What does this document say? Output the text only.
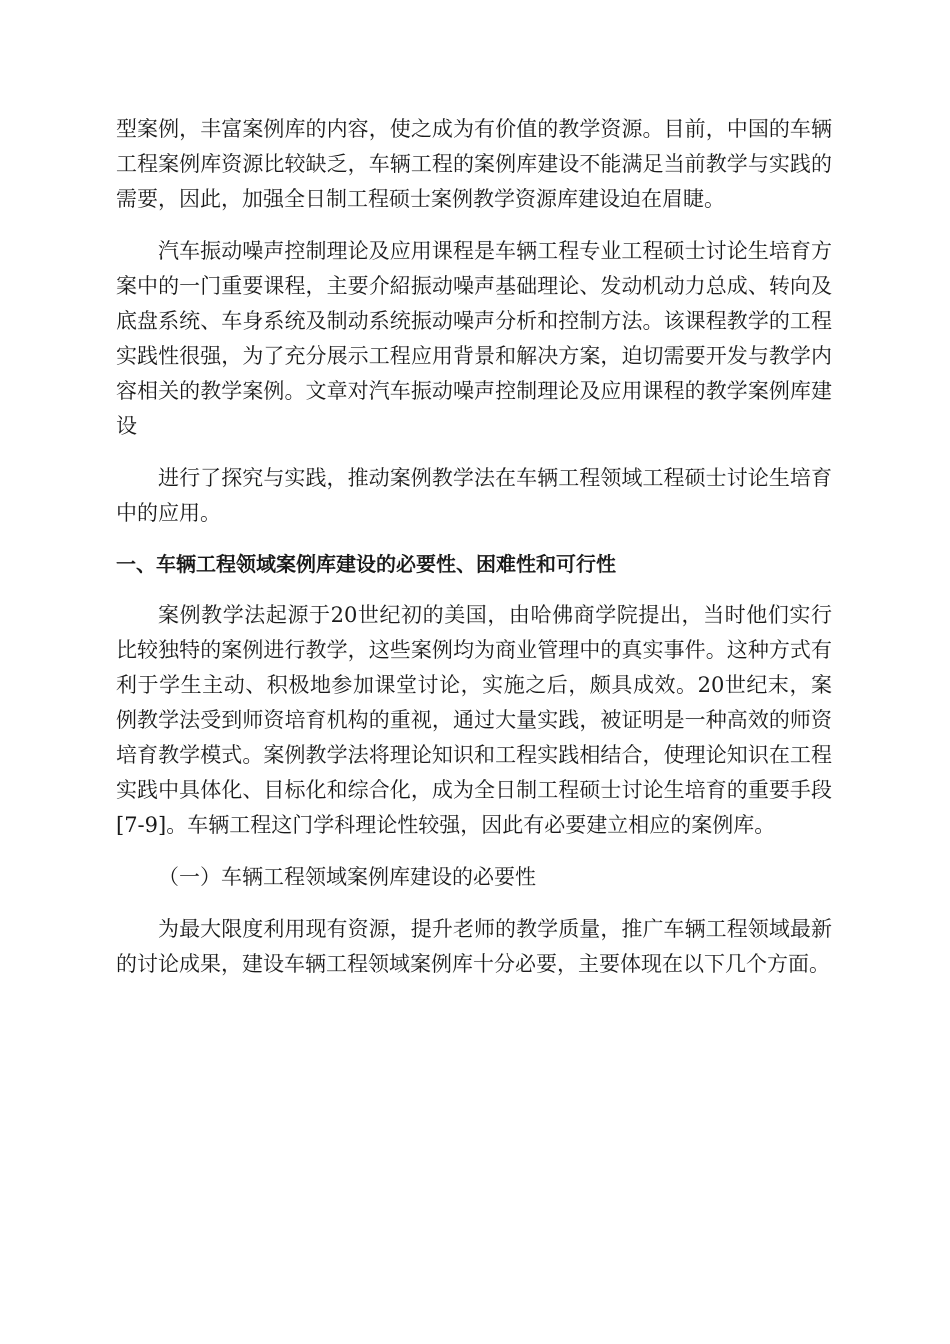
型案例，丰富案例库的内容，使之成为有价值的教学资源。目前，中国的车辆工程案例库资源比较缺乏，车辆工程的案例库建设不能满足当前教学与实践的需要，因此，加强全日制工程硕士案例教学资源库建设迫在眉睫。

汽车振动噪声控制理论及应用课程是车辆工程专业工程硕士讨论生培育方案中的一门重要课程，主要介紹振动噪声基础理论、发动机动力总成、转向及底盘系统、车身系统及制动系统振动噪声分析和控制方法。该课程教学的工程实践性很强，为了充分展示工程应用背景和解决方案，迫切需要开发与教学内容相关的教学案例。文章对汽车振动噪声控制理论及应用课程的教学案例库建设

进行了探究与实践，推动案例教学法在车辆工程领域工程硕士讨论生培育中的应用。

一、车辆工程领域案例库建设的必要性、困难性和可行性

案例教学法起源于20世纪初的美国，由哈佛商学院提出，当时他们实行比较独特的案例进行教学，这些案例均为商业管理中的真实事件。这种方式有利于学生主动、积极地参加课堂讨论，实施之后，颇具成效。20世纪末，案例教学法受到师资培育机构的重视，通过大量实践，被证明是一种高效的师资培育教学模式。案例教学法将理论知识和工程实践相结合，使理论知识在工程实践中具体化、目标化和综合化，成为全日制工程硕士讨论生培育的重要手段[7-9]。车辆工程这门学科理论性较强，因此有必要建立相应的案例库。

（一）车辆工程领域案例库建设的必要性

为最大限度利用现有资源，提升老师的教学质量，推广车辆工程领域最新的讨论成果，建设车辆工程领域案例库十分必要，主要体现在以下几个方面。
